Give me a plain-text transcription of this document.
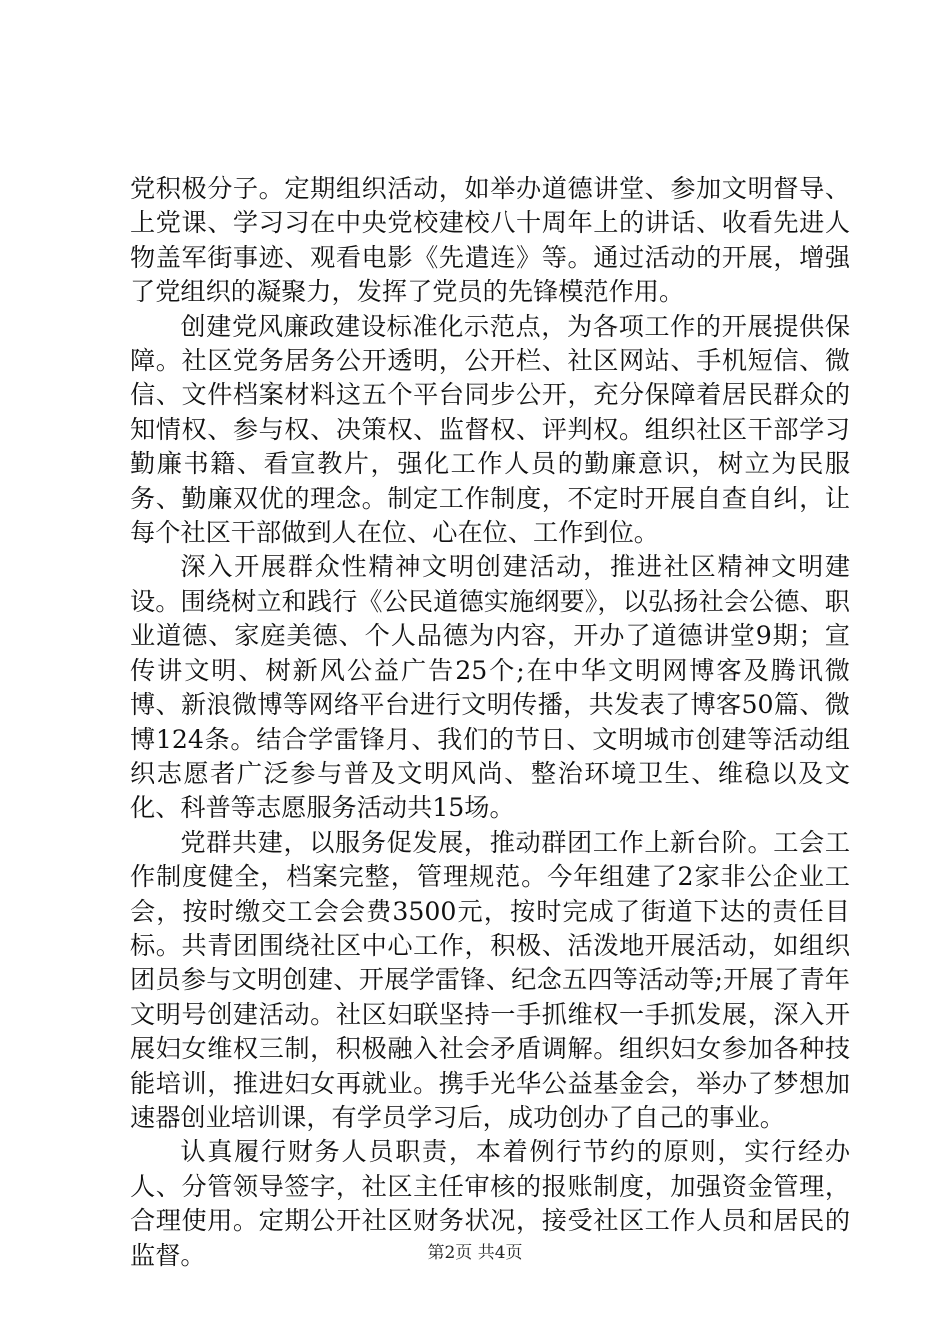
党积极分子。定期组织活动，如举办道德讲堂、参加文明督导、上党课、学习习在中央党校建校八十周年上的讲话、收看先进人物盖军街事迹、观看电影《先遣连》等。通过活动的开展，增强了党组织的凝聚力，发挥了党员的先锋模范作用。

创建党风廉政建设标准化示范点，为各项工作的开展提供保障。社区党务居务公开透明，公开栏、社区网站、手机短信、微信、文件档案材料这五个平台同步公开，充分保障着居民群众的知情权、参与权、决策权、监督权、评判权。组织社区干部学习勤廉书籍、看宣教片，强化工作人员的勤廉意识，树立为民服务、勤廉双优的理念。制定工作制度，不定时开展自查自纠，让每个社区干部做到人在位、心在位、工作到位。

深入开展群众性精神文明创建活动，推进社区精神文明建设。围绕树立和践行《公民道德实施纲要》，以弘扬社会公德、职业道德、家庭美德、个人品德为内容，开办了道德讲堂9期；宣传讲文明、树新风公益广告25个;在中华文明网博客及腾讯微博、新浪微博等网络平台进行文明传播，共发表了博客50篇、微博124条。结合学雷锋月、我们的节日、文明城市创建等活动组织志愿者广泛参与普及文明风尚、整治环境卫生、维稳以及文化、科普等志愿服务活动共15场。

党群共建，以服务促发展，推动群团工作上新台阶。工会工作制度健全，档案完整，管理规范。今年组建了2家非公企业工会，按时缴交工会会费3500元，按时完成了街道下达的责任目标。共青团围绕社区中心工作，积极、活泼地开展活动，如组织团员参与文明创建、开展学雷锋、纪念五四等活动等;开展了青年文明号创建活动。社区妇联坚持一手抓维权一手抓发展，深入开展妇女维权三制，积极融入社会矛盾调解。组织妇女参加各种技能培训，推进妇女再就业。携手光华公益基金会，举办了梦想加速器创业培训课，有学员学习后，成功创办了自己的事业。

认真履行财务人员职责，本着例行节约的原则，实行经办人、分管领导签字，社区主任审核的报账制度，加强资金管理，合理使用。定期公开社区财务状况，接受社区工作人员和居民的监督。	第2页 共4页
